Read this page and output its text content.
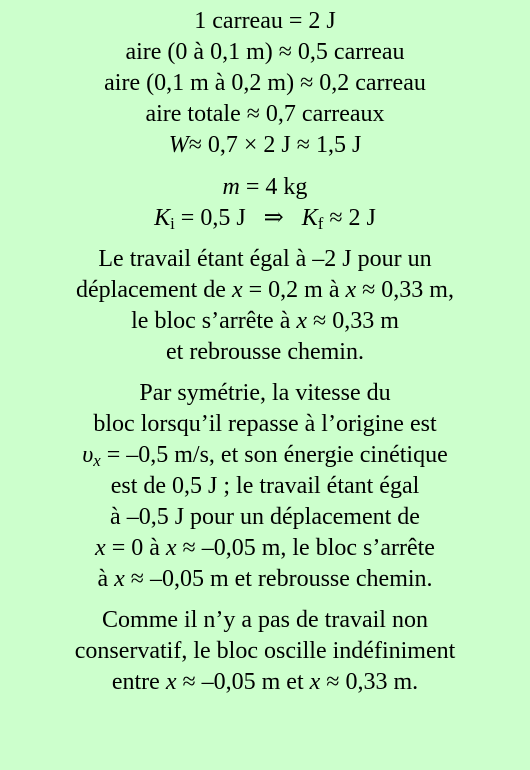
1 carreau = 2 J
aire (0 à 0,1 m) ≈ 0,5 carreau
aire (0,1 m à 0,2 m) ≈ 0,2 carreau
aire totale ≈ 0,7 carreaux
W≈ 0,7 × 2 J ≈ 1,5 J
m = 4 kg
$K_i = 0,5$ J   ⇒   $K_f \approx 2$ J
Le travail étant égal à –2 J pour un
déplacement de x = 0,2 m à x ≈ 0,33 m,
le bloc s’arrête à x ≈ 0,33 m
et rebrousse chemin.
Par symétrie, la vitesse du
bloc lorsqu’il repasse à l’origine est
$\upsilon_x = -0,5$ m/s, et son énergie cinétique
est de 0,5 J ; le travail étant égal
à –0,5 J pour un déplacement de
x = 0 à x ≈ –0,05 m, le bloc s’arrête
à x ≈ –0,05 m et rebrousse chemin.
Comme il n’y a pas de travail non
conservatif, le bloc oscille indéfiniment
entre x ≈ –0,05 m et x ≈ 0,33 m.
